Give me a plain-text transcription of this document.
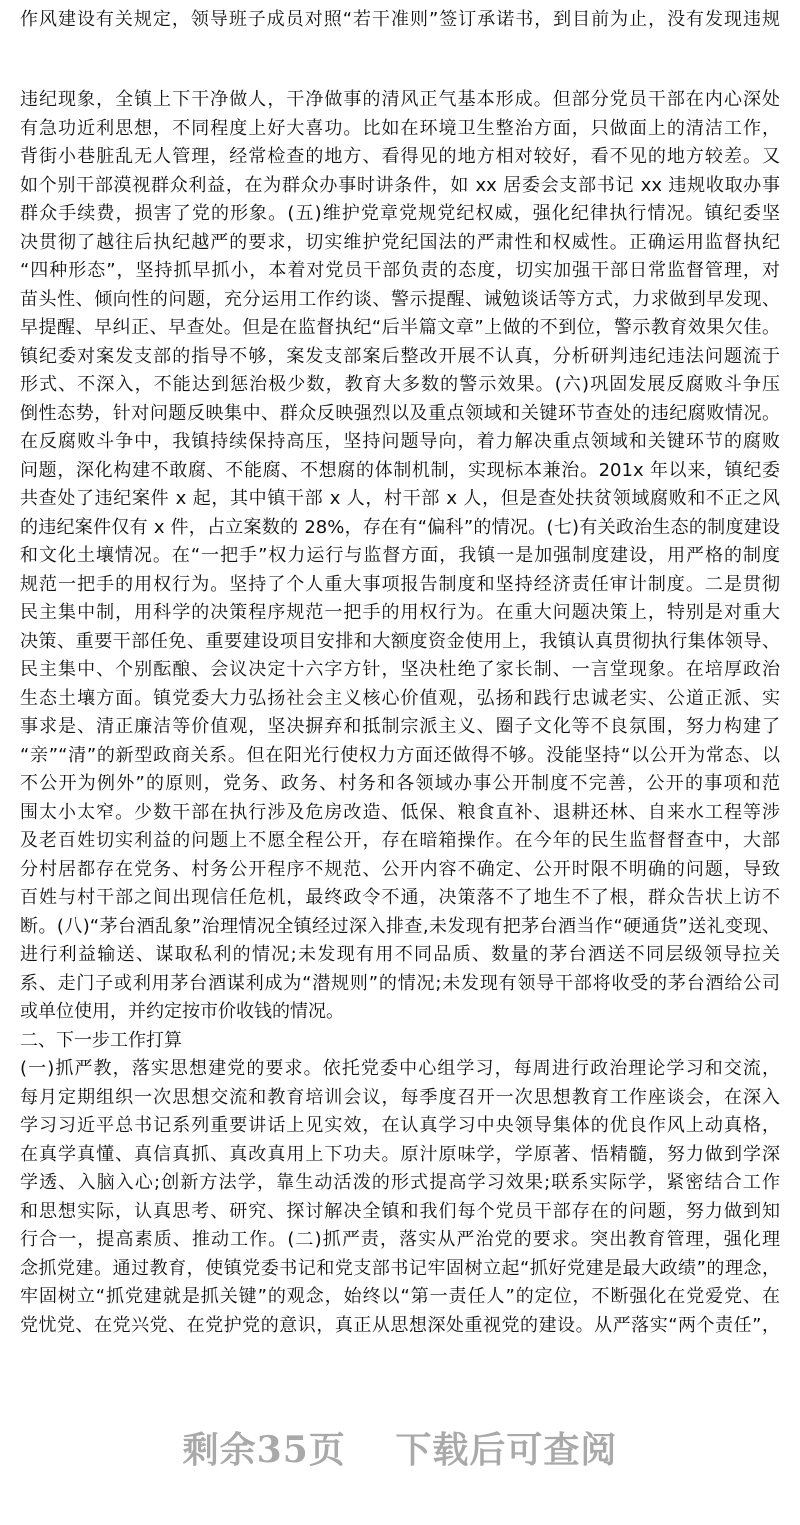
作风建设有关规定，领导班子成员对照“若干准则”签订承诺书，到目前为止，没有发现违规
违纪现象，全镇上下干净做人，干净做事的清风正气基本形成。但部分党员干部在内心深处
有急功近利思想，不同程度上好大喜功。比如在环境卫生整治方面，只做面上的清洁工作，
背街小巷脏乱无人管理，经常检查的地方、看得见的地方相对较好，看不见的地方较差。又
如个别干部漠视群众利益，在为群众办事时讲条件，如 xx 居委会支部书记 xx 违规收取办事
群众手续费，损害了党的形象。(五)维护党章党规党纪权威，强化纪律执行情况。镇纪委坚
决贯彻了越往后执纪越严的要求，切实维护党纪国法的严肃性和权威性。正确运用监督执纪
“四种形态”，坚持抓早抓小，本着对党员干部负责的态度，切实加强干部日常监督管理，对
苗头性、倾向性的问题，充分运用工作约谈、警示提醒、诫勉谈话等方式，力求做到早发现、
早提醒、早纠正、早查处。但是在监督执纪“后半篇文章”上做的不到位，警示教育效果欠佳。
镇纪委对案发支部的指导不够，案发支部案后整改开展不认真，分析研判违纪违法问题流于
形式、不深入，不能达到惩治极少数，教育大多数的警示效果。(六)巩固发展反腐败斗争压
倒性态势，针对问题反映集中、群众反映强烈以及重点领域和关键环节查处的违纪腐败情况。
在反腐败斗争中，我镇持续保持高压，坚持问题导向，着力解决重点领域和关键环节的腐败
问题，深化构建不敢腐、不能腐、不想腐的体制机制，实现标本兼治。201x 年以来，镇纪委
共查处了违纪案件 x 起，其中镇干部 x 人，村干部 x 人，但是查处扶贫领域腐败和不正之风
的违纪案件仅有 x 件，占立案数的 28%，存在有“偏科”的情况。(七)有关政治生态的制度建设
和文化土壤情况。在“一把手”权力运行与监督方面，我镇一是加强制度建设，用严格的制度
规范一把手的用权行为。坚持了个人重大事项报告制度和坚持经济责任审计制度。二是贯彻
民主集中制，用科学的决策程序规范一把手的用权行为。在重大问题决策上，特别是对重大
决策、重要干部任免、重要建设项目安排和大额度资金使用上，我镇认真贯彻执行集体领导、
民主集中、个别酝酿、会议决定十六字方针，坚决杜绝了家长制、一言堂现象。在培厚政治
生态土壤方面。镇党委大力弘扬社会主义核心价值观，弘扬和践行忠诚老实、公道正派、实
事求是、清正廉洁等价值观，坚决摒弃和抵制宗派主义、圈子文化等不良氛围，努力构建了
“亲”“清”的新型政商关系。但在阳光行使权力方面还做得不够。没能坚持“以公开为常态、以
不公开为例外”的原则，党务、政务、村务和各领域办事公开制度不完善，公开的事项和范
围太小太窄。少数干部在执行涉及危房改造、低保、粮食直补、退耕还林、自来水工程等涉
及老百姓切实利益的问题上不愿全程公开，存在暗箱操作。在今年的民生监督督查中，大部
分村居都存在党务、村务公开程序不规范、公开内容不确定、公开时限不明确的问题，导致
百姓与村干部之间出现信任危机，最终政令不通，决策落不了地生不了根，群众告状上访不
断。(八)“茅台酒乱象”治理情况全镇经过深入排查,未发现有把茅台酒当作“硬通货”送礼变现、
进行利益输送、谋取私利的情况;未发现有用不同品质、数量的茅台酒送不同层级领导拉关
系、走门子或利用茅台酒谋利成为“潜规则”的情况;未发现有领导干部将收受的茅台酒给公司
或单位使用，并约定按市价收钱的情况。
二、下一步工作打算
(一)抓严教，落实思想建党的要求。依托党委中心组学习，每周进行政治理论学习和交流，
每月定期组织一次思想交流和教育培训会议，每季度召开一次思想教育工作座谈会，在深入
学习习近平总书记系列重要讲话上见实效，在认真学习中央领导集体的优良作风上动真格，
在真学真懂、真信真抓、真改真用上下功夫。原汁原味学，学原著、悟精髓，努力做到学深
学透、入脑入心;创新方法学，靠生动活泼的形式提高学习效果;联系实际学，紧密结合工作
和思想实际，认真思考、研究、探讨解决全镇和我们每个党员干部存在的问题，努力做到知
行合一，提高素质、推动工作。(二)抓严责，落实从严治党的要求。突出教育管理，强化理
念抓党建。通过教育，使镇党委书记和党支部书记牢固树立起“抓好党建是最大政绩”的理念，
牢固树立“抓党建就是抓关键”的观念，始终以“第一责任人”的定位，不断强化在党爱党、在
党忧党、在党兴党、在党护党的意识，真正从思想深处重视党的建设。从严落实“两个责任”，
剩余35页 下载后可查阅
